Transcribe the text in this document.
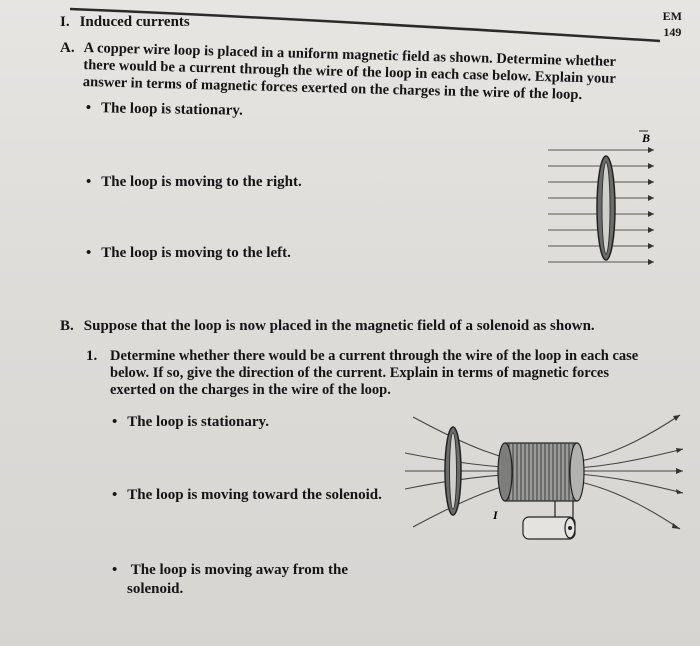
EM
149
I. Induced currents
A. A copper wire loop is placed in a uniform magnetic field as shown. Determine whether there would be a current through the wire of the loop in each case below. Explain your answer in terms of magnetic forces exerted on the charges in the wire of the loop.
• The loop is stationary.
• The loop is moving to the right.
• The loop is moving to the left.
B
B. Suppose that the loop is now placed in the magnetic field of a solenoid as shown.
1. Determine whether there would be a current through the wire of the loop in each case below. If so, give the direction of the current. Explain in terms of magnetic forces exerted on the charges in the wire of the loop.
• The loop is stationary.
• The loop is moving toward the solenoid.
• The loop is moving away from the
solenoid.
I
